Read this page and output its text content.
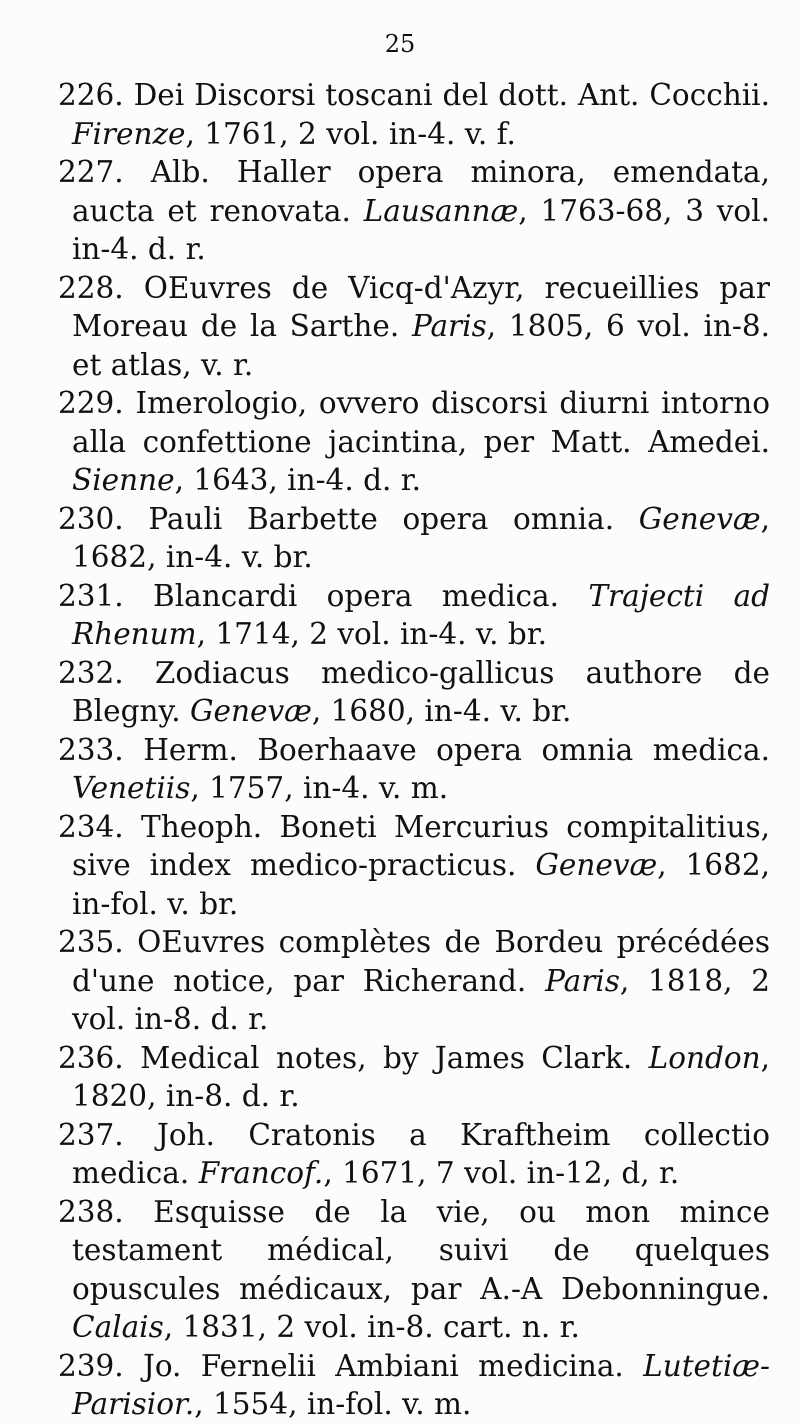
25

226. Dei Discorsi toscani del dott. Ant. Cocchii. Firenze, 1761, 2 vol. in-4. v. f.

227. Alb. Haller opera minora, emendata, aucta et renovata. Lausannæ, 1763-68, 3 vol. in-4. d. r.

228. OEuvres de Vicq-d'Azyr, recueillies par Moreau de la Sarthe. Paris, 1805, 6 vol. in-8. et atlas, v. r.

229. Imerologio, ovvero discorsi diurni intorno alla confettione jacintina, per Matt. Amedei. Sienne, 1643, in-4. d. r.

230. Pauli Barbette opera omnia. Genevæ, 1682, in-4. v. br.

231. Blancardi opera medica. Trajecti ad Rhenum, 1714, 2 vol. in-4. v. br.

232. Zodiacus medico-gallicus authore de Blegny. Genevæ, 1680, in-4. v. br.

233. Herm. Boerhaave opera omnia medica. Venetiis, 1757, in-4. v. m.

234. Theoph. Boneti Mercurius compitalitius, sive index medico-practicus. Genevæ, 1682, in-fol. v. br.

235. OEuvres complètes de Bordeu précédées d'une notice, par Richerand. Paris, 1818, 2 vol. in-8. d. r.

236. Medical notes, by James Clark. London, 1820, in-8. d. r.

237. Joh. Cratonis a Kraftheim collectio medica. Francof., 1671, 7 vol. in-12, d, r.

238. Esquisse de la vie, ou mon mince testament médical, suivi de quelques opuscules médicaux, par A.-A Debonningue. Calais, 1831, 2 vol. in-8. cart. n. r.

239. Jo. Fernelii Ambiani medicina. Lutetiæ-Parisior., 1554, in-fol. v. m.
